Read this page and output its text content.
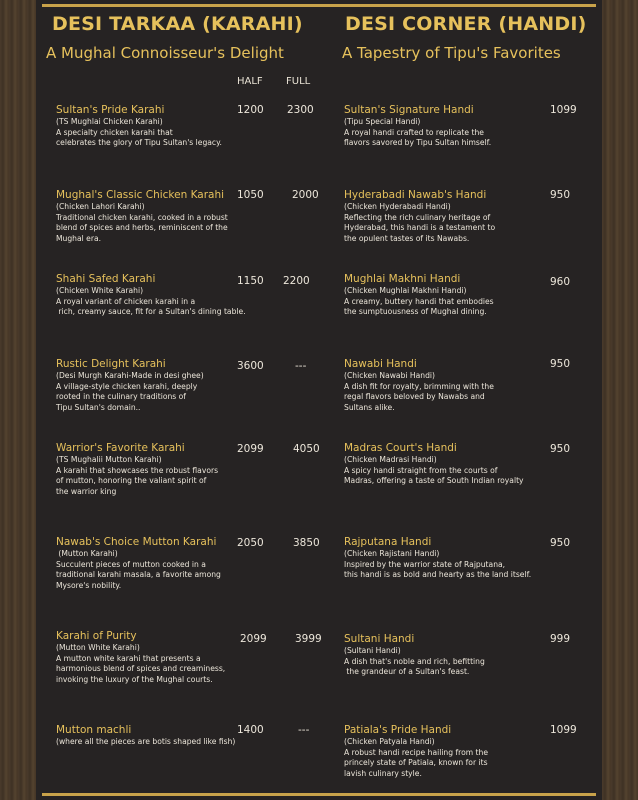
DESI TARKAA (KARAHI)
A Mughal Connoisseur's Delight
HALF FULL
DESI CORNER (HANDI)
A Tapestry of Tipu's Favorites
Sultan's Pride Karahi
(TS Mughlai Chicken Karahi)
A specialty chicken karahi that
celebrates the glory of Tipu Sultan's legacy.
1200 2300
Mughal's Classic Chicken Karahi
(Chicken Lahori Karahi)
Traditional chicken karahi, cooked in a robust
blend of spices and herbs, reminiscent of the
Mughal era.
1050	2000
Shahi Safed Karahi
(Chicken White Karahi)
A royal variant of chicken karahi in a
rich, creamy sauce, fit for a Sultan's dining table.
1150 2200
Rustic Delight Karahi
(Desi Murgh Karahi-Made in desi ghee)
A village-style chicken karahi, deeply
rooted in the culinary traditions of
Tipu Sultan's domain..
3600	---
Warrior's Favorite Karahi
(TS Mughalii Mutton Karahi)
A karahi that showcases the robust flavors
of mutton, honoring the valiant spirit of
the warrior king
2099	4050
Nawab's Choice Mutton Karahi
(Mutton Karahi)
Succulent pieces of mutton cooked in a
traditional karahi masala, a favorite among
Mysore's nobility.
2050	3850
Karahi of Purity
(Mutton White Karahi)
A mutton white karahi that presents a
harmonious blend of spices and creaminess,
invoking the luxury of the Mughal courts.
2099	3999
Mutton machli
(where all the pieces are botis shaped like fish)
1400	---
Sultan's Signature Handi
(Tipu Special Handi)
A royal handi crafted to replicate the
flavors savored by Tipu Sultan himself.
1099
Hyderabadi Nawab's Handi
(Chicken Hyderabadi Handi)
Reflecting the rich culinary heritage of
Hyderabad, this handi is a testament to
the opulent tastes of its Nawabs.
950
Mughlai Makhni Handi
(Chicken Mughlai Makhni Handi)
A creamy, buttery handi that embodies
the sumptuousness of Mughal dining.
960
Nawabi Handi
(Chicken Nawabi Handi)
A dish fit for royalty, brimming with the
regal flavors beloved by Nawabs and
Sultans alike.
950
Madras Court's Handi
(Chicken Madrasi Handi)
A spicy handi straight from the courts of
Madras, offering a taste of South Indian royalty
950
Rajputana Handi
(Chicken Rajistani Handi)
Inspired by the warrior state of Rajputana,
this handi is as bold and hearty as the land itself.
950
Sultani Handi
(Sultani Handi)
A dish that's noble and rich, befitting
the grandeur of a Sultan's feast.
999
Patiala's Pride Handi
(Chicken Patyala Handi)
A robust handi recipe hailing from the
princely state of Patiala, known for its
lavish culinary style.
1099
